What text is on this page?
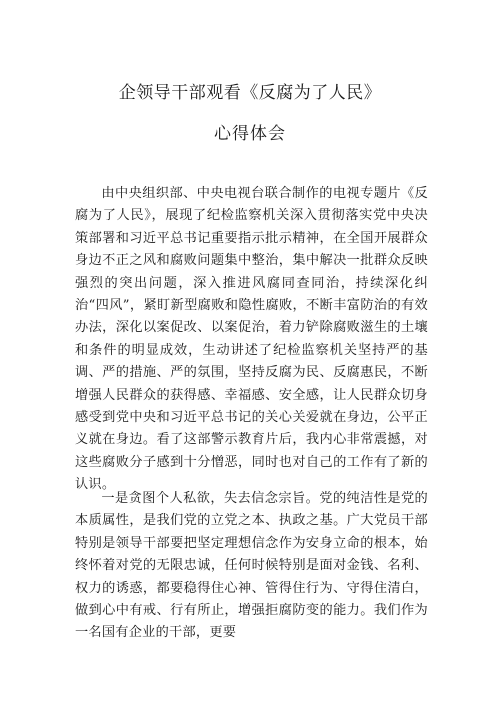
企领导干部观看《反腐为了人民》
心得体会

由中央组织部、中央电视台联合制作的电视专题片《反腐为了人民》，展现了纪检监察机关深入贯彻落实党中央决策部署和习近平总书记重要指示批示精神，在全国开展群众身边不正之风和腐败问题集中整治，集中解决一批群众反映强烈的突出问题，深入推进风腐同查同治，持续深化纠治“四风”，紧盯新型腐败和隐性腐败，不断丰富防治的有效办法，深化以案促改、以案促治，着力铲除腐败滋生的土壤和条件的明显成效，生动讲述了纪检监察机关坚持严的基调、严的措施、严的氛围，坚持反腐为民、反腐惠民，不断增强人民群众的获得感、幸福感、安全感，让人民群众切身感受到党中央和习近平总书记的关心关爱就在身边，公平正义就在身边。看了这部警示教育片后，我内心非常震撼，对这些腐败分子感到十分憎恶，同时也对自己的工作有了新的认识。

一是贪图个人私欲，失去信念宗旨。党的纯洁性是党的本质属性，是我们党的立党之本、执政之基。广大党员干部特别是领导干部要把坚定理想信念作为安身立命的根本，始终怀着对党的无限忠诚，任何时候特别是面对金钱、名利、权力的诱惑，都要稳得住心神、管得住行为、守得住清白，做到心中有戒、行有所止，增强拒腐防变的能力。我们作为一名国有企业的干部，更要
